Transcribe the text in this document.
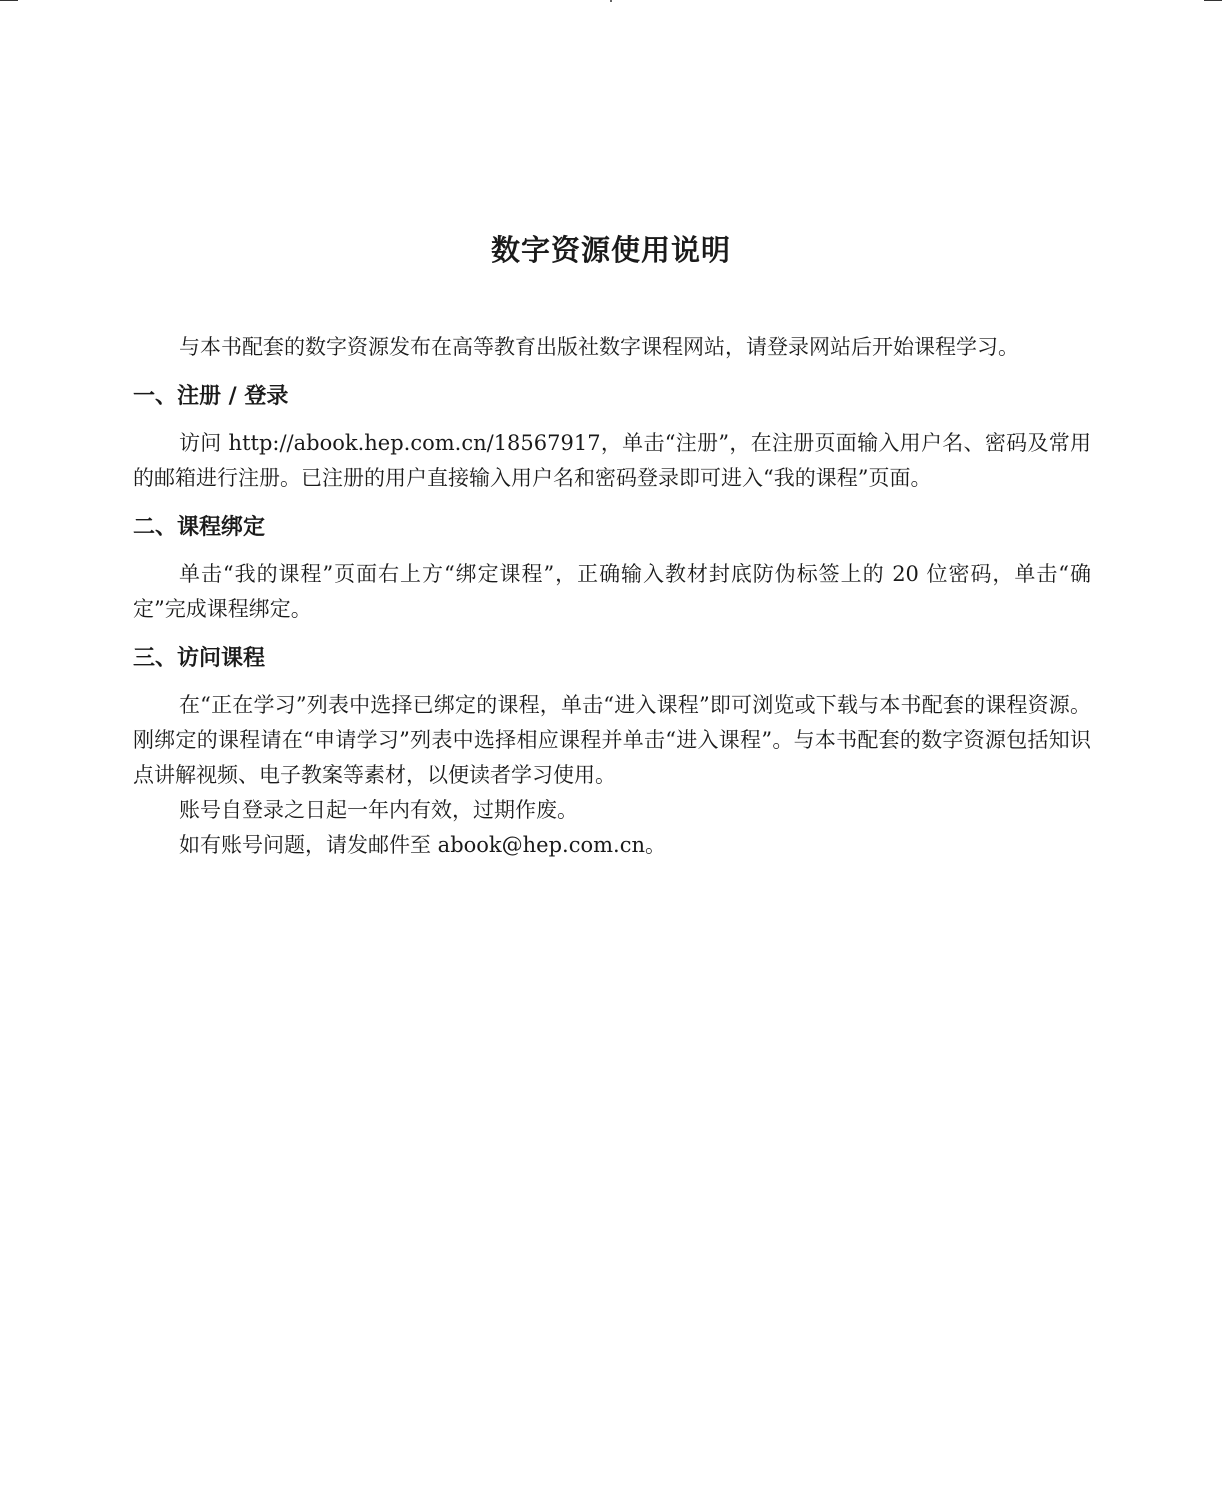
数字资源使用说明

与本书配套的数字资源发布在高等教育出版社数字课程网站，请登录网站后开始课程学习。

一、注册 / 登录

访问 http://abook.hep.com.cn/18567917，单击“注册”，在注册页面输入用户名、密码及常用的邮箱进行注册。已注册的用户直接输入用户名和密码登录即可进入“我的课程”页面。

二、课程绑定

单击“我的课程”页面右上方“绑定课程”，正确输入教材封底防伪标签上的 20 位密码，单击“确定”完成课程绑定。

三、访问课程

在“正在学习”列表中选择已绑定的课程，单击“进入课程”即可浏览或下载与本书配套的课程资源。刚绑定的课程请在“申请学习”列表中选择相应课程并单击“进入课程”。与本书配套的数字资源包括知识点讲解视频、电子教案等素材，以便读者学习使用。

账号自登录之日起一年内有效，过期作废。

如有账号问题，请发邮件至 abook@hep.com.cn。
